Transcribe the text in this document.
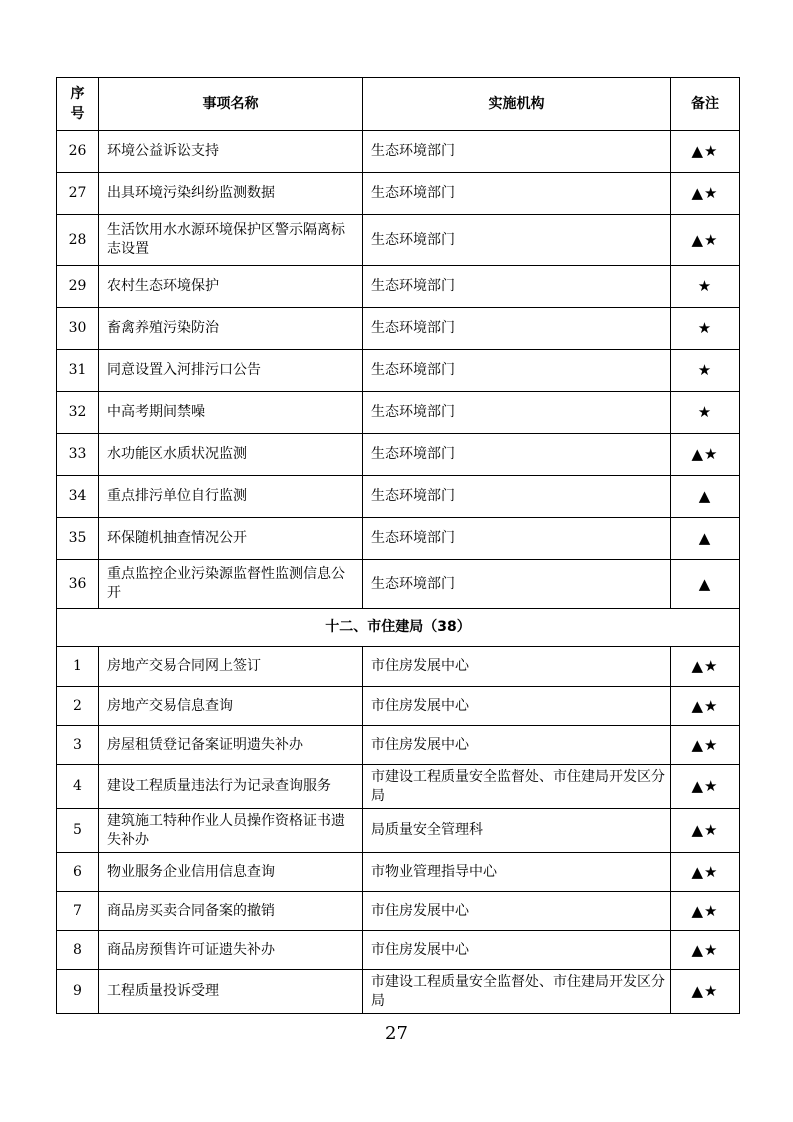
序号	事项名称	实施机构	备注
26	环境公益诉讼支持	生态环境部门	▲★
27	出具环境污染纠纷监测数据	生态环境部门	▲★
28	生活饮用水水源环境保护区警示隔离标志设置	生态环境部门	▲★
29	农村生态环境保护	生态环境部门	★
30	畜禽养殖污染防治	生态环境部门	★
31	同意设置入河排污口公告	生态环境部门	★
32	中高考期间禁噪	生态环境部门	★
33	水功能区水质状况监测	生态环境部门	▲★
34	重点排污单位自行监测	生态环境部门	▲
35	环保随机抽查情况公开	生态环境部门	▲
36	重点监控企业污染源监督性监测信息公开	生态环境部门	▲
十二、市住建局（38）			
1	房地产交易合同网上签订	市住房发展中心	▲★
2	房地产交易信息查询	市住房发展中心	▲★
3	房屋租赁登记备案证明遗失补办	市住房发展中心	▲★
4	建设工程质量违法行为记录查询服务	市建设工程质量安全监督处、市住建局开发区分局	▲★
5	建筑施工特种作业人员操作资格证书遗失补办	局质量安全管理科	▲★
6	物业服务企业信用信息查询	市物业管理指导中心	▲★
7	商品房买卖合同备案的撤销	市住房发展中心	▲★
8	商品房预售许可证遗失补办	市住房发展中心	▲★
9	工程质量投诉受理	市建设工程质量安全监督处、市住建局开发区分局	▲★
27
